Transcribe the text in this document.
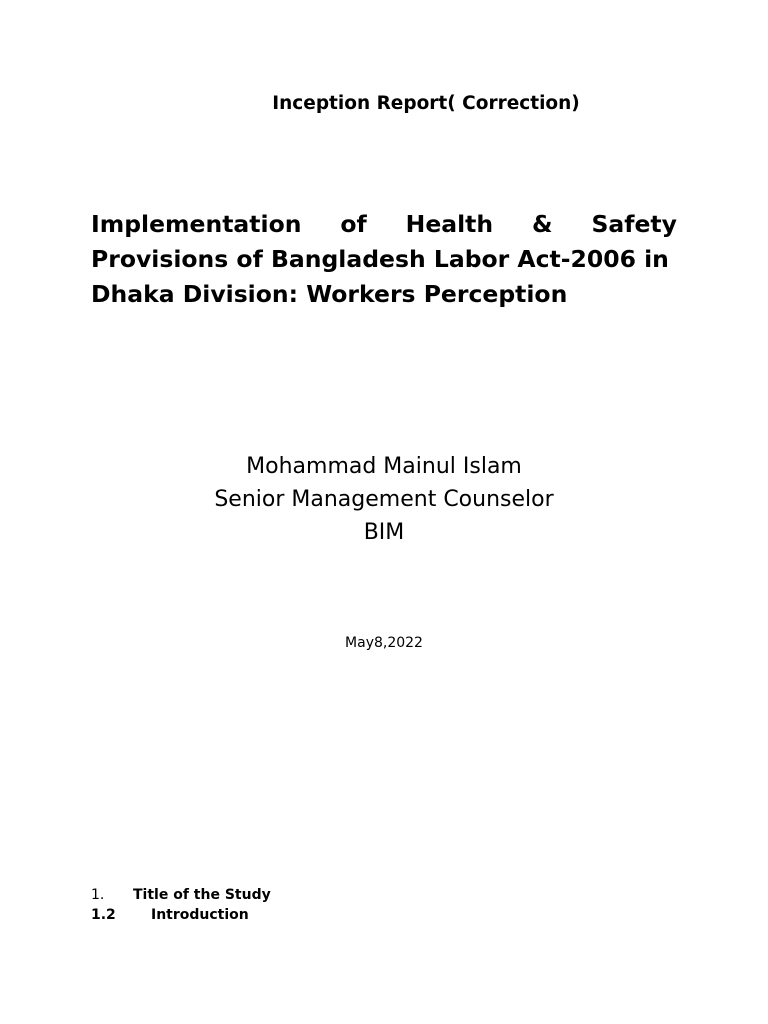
Inception Report( Correction)
Implementation of Health & Safety
Provisions of Bangladesh Labor Act-2006 in
Dhaka Division: Workers Perception
Mohammad Mainul Islam
Senior Management Counselor
BIM
May8,2022
1. Title of the Study
1.2	Introduction
